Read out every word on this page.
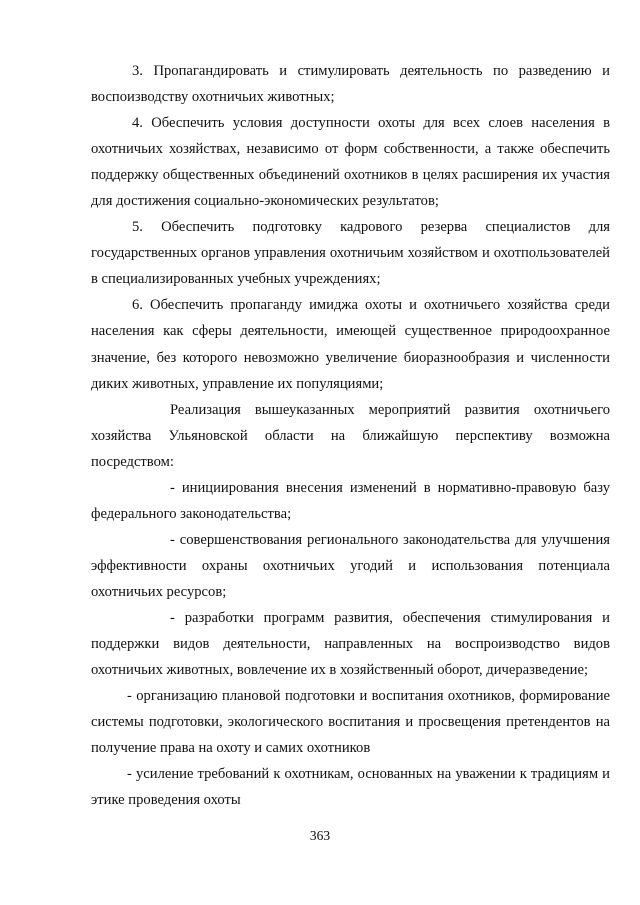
3. Пропагандировать и стимулировать деятельность по разведению и воспоизводству охотничьих животных;

4. Обеспечить условия доступности охоты для всех слоев населения в охотничьих хозяйствах, независимо от форм собственности, а также обеспечить поддержку общественных объединений охотников в целях расширения их участия для достижения социально-экономических результатов;

5. Обеспечить подготовку кадрового резерва специалистов для государственных органов управления охотничьим хозяйством и охотпользователей в специализированных учебных учреждениях;

6. Обеспечить пропаганду имиджа охоты и охотничьего хозяйства среди населения как сферы деятельности, имеющей существенное природоохранное значение, без которого невозможно увеличение биоразнообразия и численности диких животных, управление их популяциями;

Реализация вышеуказанных мероприятий развития охотничьего хозяйства Ульяновской области на ближайшую перспективу возможна посредством:

- инициирования внесения изменений в нормативно-правовую базу федерального законодательства;

- совершенствования регионального законодательства для улучшения эффективности охраны охотничьих угодий и использования потенциала охотничьих ресурсов;

- разработки программ развития, обеспечения стимулирования и поддержки видов деятельности, направленных на воспроизводство видов охотничьих животных, вовлечение их в хозяйственный оборот, дичеразведение;

- организацию плановой подготовки и воспитания охотников, формирование системы подготовки, экологического воспитания и просвещения претендентов на получение права на охоту и самих охотников

- усиление требований к охотникам, основанных на уважении к традициям и этике проведения охоты

363
